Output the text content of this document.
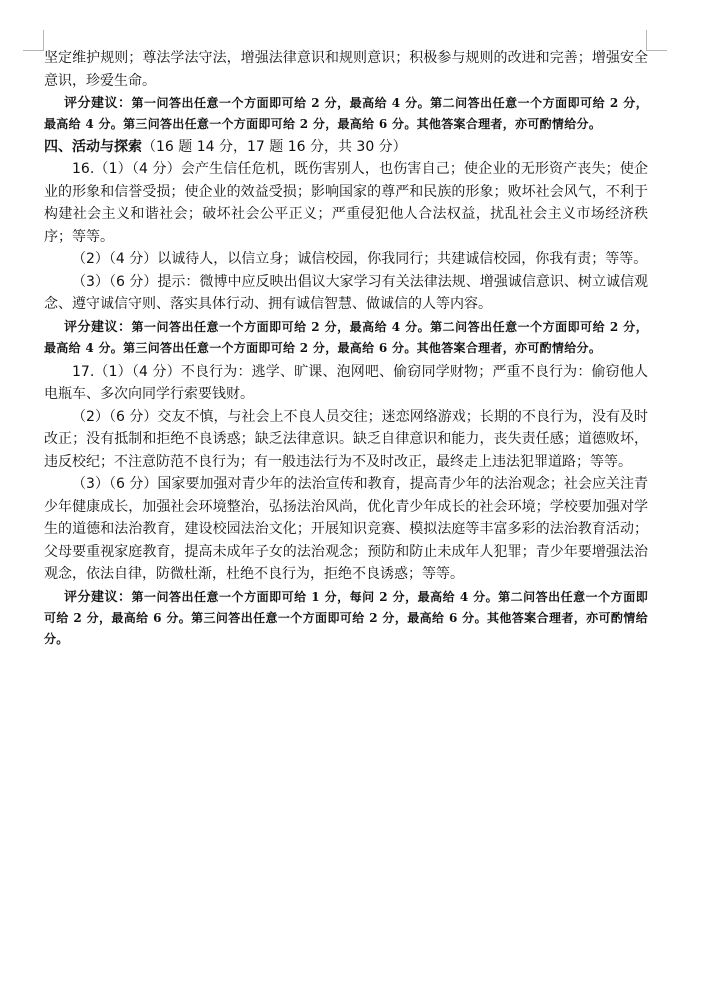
坚定维护规则；尊法学法守法，增强法律意识和规则意识；积极参与规则的改进和完善；增强安全意识，珍爱生命。

评分建议：第一问答出任意一个方面即可给 2 分，最高给 4 分。第二问答出任意一个方面即可给 2 分，最高给 4 分。第三问答出任意一个方面即可给 2 分，最高给 6 分。其他答案合理者，亦可酌情给分。

四、活动与探索（16 题 14 分，17 题 16 分，共 30 分）

16.（1）（4 分）会产生信任危机，既伤害别人，也伤害自己；使企业的无形资产丧失；使企业的形象和信誉受损；使企业的效益受损；影响国家的尊严和民族的形象；败坏社会风气，不利于构建社会主义和谐社会；破坏社会公平正义；严重侵犯他人合法权益，扰乱社会主义市场经济秩序；等等。

（2）（4 分）以诚待人，以信立身；诚信校园，你我同行；共建诚信校园，你我有责；等等。

（3）（6 分）提示：微博中应反映出倡议大家学习有关法律法规、增强诚信意识、树立诚信观念、遵守诚信守则、落实具体行动、拥有诚信智慧、做诚信的人等内容。

评分建议：第一问答出任意一个方面即可给 2 分，最高给 4 分。第二问答出任意一个方面即可给 2 分，最高给 4 分。第三问答出任意一个方面即可给 2 分，最高给 6 分。其他答案合理者，亦可酌情给分。

17.（1）（4 分）不良行为：逃学、旷课、泡网吧、偷窃同学财物；严重不良行为：偷窃他人电瓶车、多次向同学行索要钱财。

（2）（6 分）交友不慎，与社会上不良人员交往；迷恋网络游戏；长期的不良行为，没有及时改正；没有抵制和拒绝不良诱惑；缺乏法律意识。缺乏自律意识和能力，丧失责任感；道德败坏，违反校纪；不注意防范不良行为；有一般违法行为不及时改正，最终走上违法犯罪道路；等等。

（3）（6 分）国家要加强对青少年的法治宣传和教育，提高青少年的法治观念；社会应关注青少年健康成长，加强社会环境整治，弘扬法治风尚，优化青少年成长的社会环境；学校要加强对学生的道德和法治教育，建设校园法治文化；开展知识竞赛、模拟法庭等丰富多彩的法治教育活动；父母要重视家庭教育，提高未成年子女的法治观念；预防和防止未成年人犯罪；青少年要增强法治观念，依法自律，防微杜渐，杜绝不良行为，拒绝不良诱惑；等等。

评分建议：第一问答出任意一个方面即可给 1 分，每问 2 分，最高给 4 分。第二问答出任意一个方面即可给 2 分，最高给 6 分。第三问答出任意一个方面即可给 2 分，最高给 6 分。其他答案合理者，亦可酌情给分。
